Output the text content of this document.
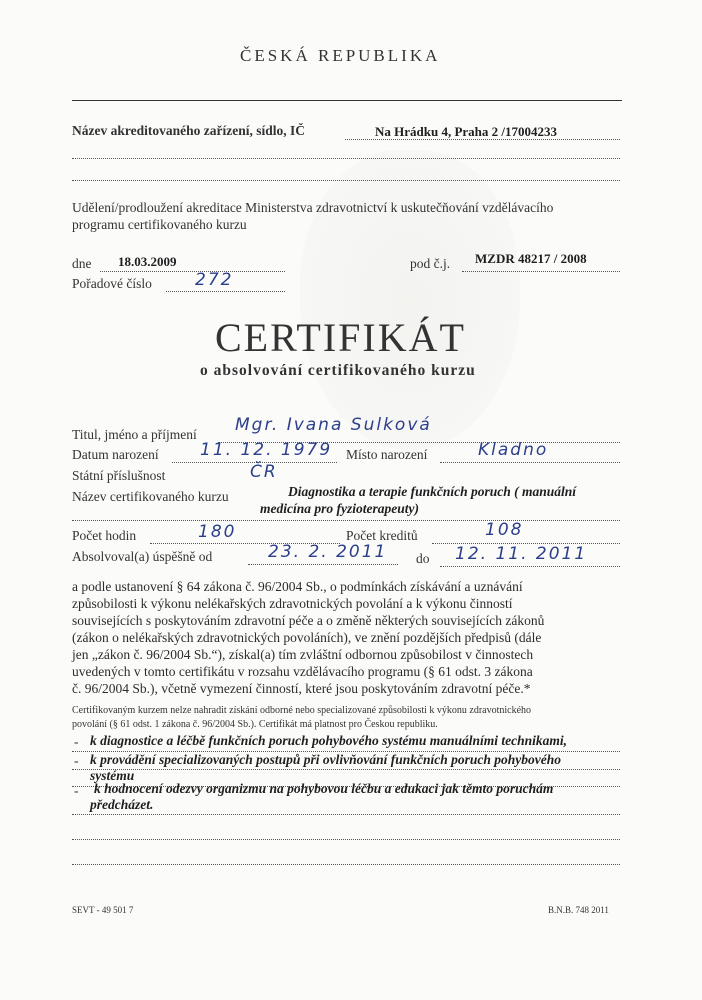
ČESKÁ REPUBLIKA
Název akreditovaného zařízení, sídlo, IČ	Na Hrádku 4, Praha 2 /17004233
Udělení/prodloužení akreditace Ministerstva zdravotnictví k uskutečňování vzdělávacího
programu certifikovaného kurzu
dne 18.03.2009	pod č.j. MZDR 48217 / 2008
Pořadové číslo	272
CERTIFIKÁT
o absolvování certifikovaného kurzu
Titul, jméno a příjmení Mgr. Ivana Sulková
Datum narození 11. 12. 1979 Místo narození	Kladno
Státní příslušnost	ČR
Název certifikovaného kurzu	Diagnostika a terapie funkčních poruch ( manuální
medicína pro fyzioterapeuty)
Počet hodin	180	Počet kreditů	108
Absolvoval(a) úspěšně od	23. 2. 2011 do 12. 11. 2011
a podle ustanovení § 64 zákona č. 96/2004 Sb., o podmínkách získávání a uznávání
způsobilosti k výkonu nelékařských zdravotnických povolání a k výkonu činností
souvisejících s poskytováním zdravotní péče a o změně některých souvisejících zákonů
(zákon o nelékařských zdravotnických povoláních), ve znění pozdějších předpisů (dále
jen „zákon č. 96/2004 Sb.“), získal(a) tím zvláštní odbornou způsobilost v činnostech
uvedených v tomto certifikátu v rozsahu vzdělávacího programu (§ 61 odst. 3 zákona
č. 96/2004 Sb.), včetně vymezení činností, které jsou poskytováním zdravotní péče.*
Certifikovaným kurzem nelze nahradit získání odborné nebo specializované způsobilosti k výkonu zdravotnického
povolání (§ 61 odst. 1 zákona č. 96/2004 Sb.). Certifikát má platnost pro Českou republiku.
- k diagnostice a léčbě funkčních poruch pohybového systému manuálními technikami,
- k provádění specializovaných postupů při ovlivňování funkčních poruch pohybového
systému
- k hodnocení odezvy organizmu na pohybovou léčbu a edukaci jak těmto poruchám
předcházet.
SEVT - 49 501 7	B.N.B. 748 2011
